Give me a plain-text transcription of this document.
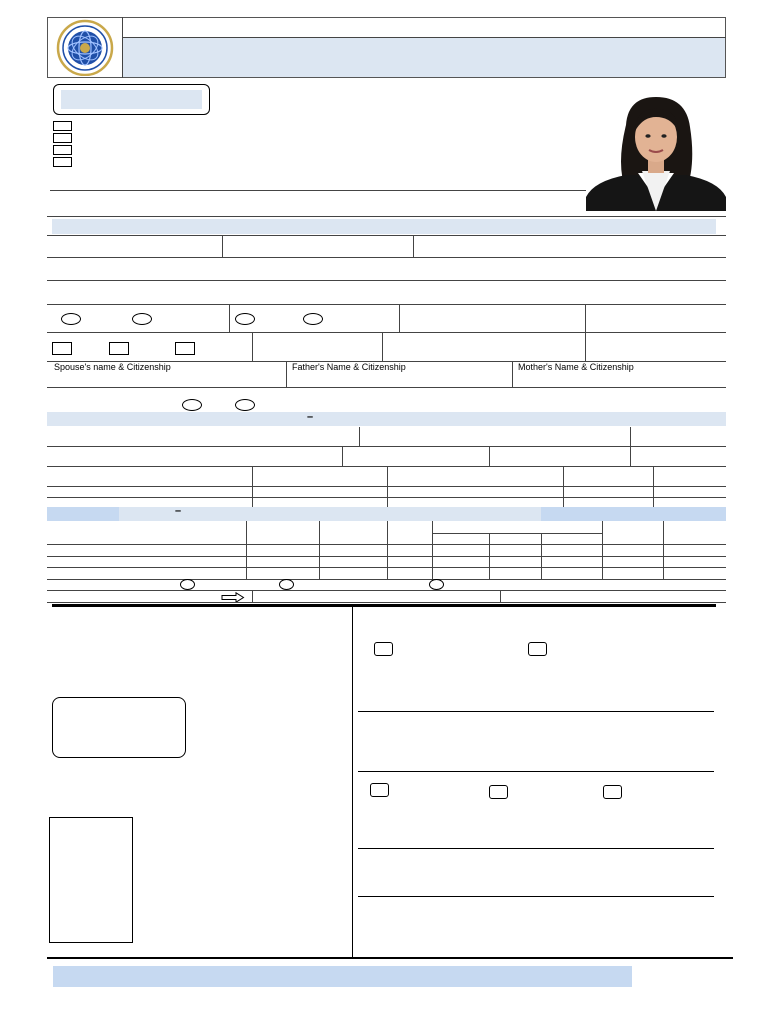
Spouse's name & Citizenship	Father's Name & Citizenship	Mother's Name & Citizenship
–
–
